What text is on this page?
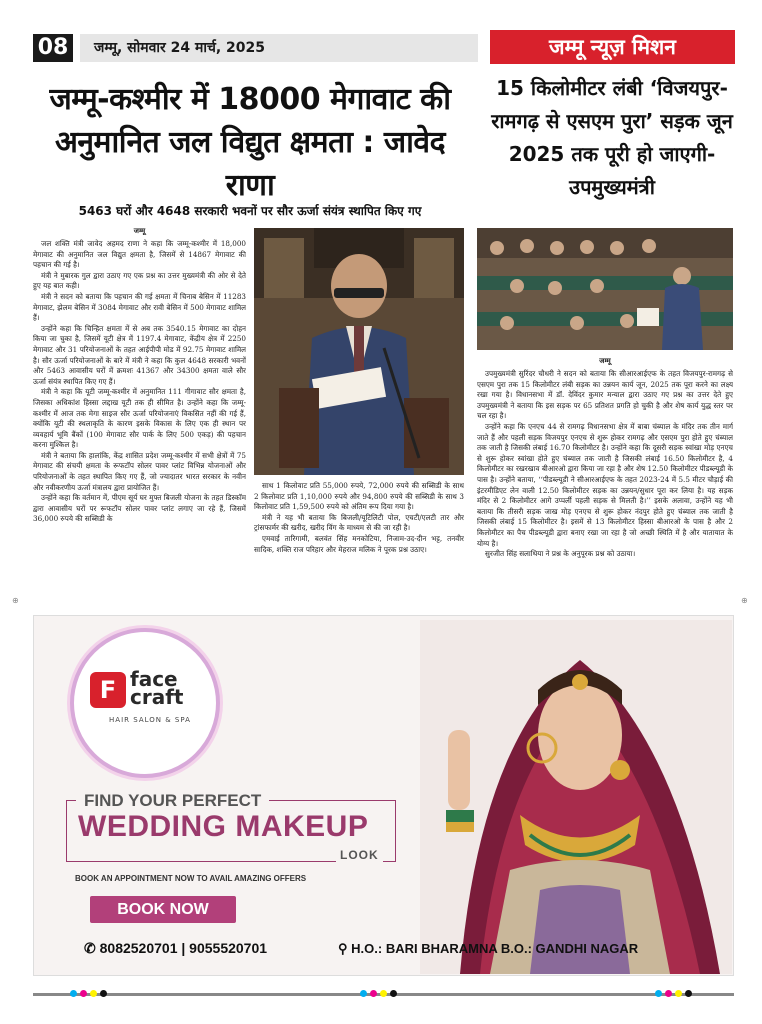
08	जम्मू, सोमवार 24 मार्च, 2025	जम्मू न्यूज़ मिशन
जम्मू-कश्मीर में 18000 मेगावाट की
अनुमानित जल विद्युत क्षमता : जावेद राणा
5463 घरों और 4648 सरकारी भवनों पर सौर ऊर्जा संयंत्र स्थापित किए गए
15 किलोमीटर लंबी ‘विजयपुर-रामगढ़ से एसएम पुरा’ सड़क जून 2025 तक पूरी हो जाएगी-उपमुख्यमंत्री
जम्मू

जल शक्ति मंत्री जावेद अहमद राणा ने कहा कि जम्मू-कश्मीर में 18,000 मेगावाट की अनुमानित जल विद्युत क्षमता है, जिसमें से 14867 मेगावाट की पहचान की गई है।

मंत्री ने मुबारक गुल द्वारा उठाए गए एक प्रश्न का उत्तर मुख्यमंत्री की ओर से देते हुए यह बात कही।

मंत्री ने सदन को बताया कि पहचान की गई क्षमता में चिनाब बेसिन में 11283 मेगावाट, झेलम बेसिन में 3084 मेगावाट और रावी बेसिन में 500 मेगावाट शामिल हैं।

उन्होंने कहा कि चिन्हित क्षमता में से अब तक 3540.15 मेगावाट का दोहन किया जा चुका है, जिसमें यूटी क्षेत्र में 1197.4 मेगावाट, केंद्रीय क्षेत्र में 2250 मेगावाट और 31 परियोजनाओं के तहत आईपीपी मोड में 92.75 मेगावाट शामिल है। सौर ऊर्जा परियोजनाओं के बारे में मंत्री ने कहा कि कुल 4648 सरकारी भवनों और 5463 आवासीय घरों में क्रमशः 41367 और 34300 क्षमता वाले सौर ऊर्जा संयंत्र स्थापित किए गए हैं।

मंत्री ने कहा कि यूटी जम्मू-कश्मीर में अनुमानित 111 गीगावाट सौर क्षमता है, जिसका अधिकांश हिस्सा लद्दाख यूटी तक ही सीमित है। उन्होंने कहा कि जम्मू-कश्मीर में आज तक मेगा साइज सौर ऊर्जा परियोजनाएं विकसित नहीं की गई हैं, क्योंकि यूटी की स्थलाकृति के कारण इसके विकास के लिए एक ही स्थान पर व्यवहार्य भूमि बैंकों (100 मेगावाट सौर पार्क के लिए 500 एकड़) की पहचान करना मुश्किल है।

मंत्री ने बताया कि हालांकि, केंद्र शासित प्रदेश जम्मू-कश्मीर में सभी क्षेत्रों में 75 मेगावाट की संचयी क्षमता के रूफटॉप सोलर पावर प्लांट विभिन्न योजनाओं और परियोजनाओं के तहत स्थापित किए गए हैं, जो ज्यादातर भारत सरकार के नवीन और नवीकरणीय ऊर्जा मंत्रालय द्वारा प्रायोजित हैं।

उन्होंने कहा कि वर्तमान में, पीएम सूर्य घर मुफ्त बिजली योजना के तहत डिस्कॉम द्वारा आवासीय घरों पर रूफटॉप सोलर पावर प्लांट लगाए जा रहे हैं, जिसमें 36,000 रुपये की सब्सिडी के

साथ 1 किलोवाट प्रति 55,000 रुपये, 72,000 रुपये की सब्सिडी के साथ 2 किलोवाट प्रति 1,10,000 रुपये और 94,800 रुपये की सब्सिडी के साथ 3 किलोवाट प्रति 1,59,500 रुपये को अंतिम रूप दिया गया है।

मंत्री ने यह भी बताया कि बिजली/यूटिलिटी पोल, एचटी/एलटी तार और ट्रांसफार्मर की खरीद, खरीद विंग के माध्यम से की जा रही है।

एमवाई तारिगामी, बलवंत सिंह मनकोटिया, निजाम-उद-दीन भट्ट, तनवीर सादिक, शक्ति राज परिहार और मेहराज मलिक ने पूरक प्रश्न उठाए।

जम्मू

उपमुख्यमंत्री सुरिंदर चौधरी ने सदन को बताया कि सीआरआईएफ के तहत विजयपुर-रामगढ़ से एसएम पुरा तक 15 किलोमीटर लंबी सड़क का उन्नयन कार्य जून, 2025 तक पूरा करने का लक्ष्य रखा गया है। विधानसभा में डॉ. देविंदर कुमार मन्याल द्वारा उठाए गए प्रश्न का उत्तर देते हुए उपमुख्यमंत्री ने बताया कि इस सड़क पर 65 प्रतिशत प्रगति हो चुकी है और शेष कार्य युद्ध स्तर पर चल रहा है।

उन्होंने कहा कि एनएच 44 से रामगढ़ विधानसभा क्षेत्र में बाबा चंब्याल के मंदिर तक तीन मार्ग जाते हैं और पहली सड़क विजयपुर एनएच से शुरू होकर रामगढ़ और एसएम पुरा होते हुए चंब्याल तक जाती है जिसकी लंबाई 16.70 किलोमीटर है। उन्होंने कहा कि दूसरी सड़क स्वांखा मोड़ एनएच से शुरू होकर स्वांखा होते हुए चंब्याल तक जाती है जिसकी लंबाई 16.50 किलोमीटर है, 4 किलोमीटर का रखरखाव बीआरओ द्वारा किया जा रहा है और शेष 12.50 किलोमीटर पीडब्ल्यूडी के पास है। उन्होंने बताया, ‘‘पीडब्ल्यूडी ने सीआरआईएफ के तहत 2023-24 में 5.5 मीटर चौड़ाई की इंटरमीडिएट लेन वाली 12.50 किलोमीटर सड़क का उन्नयन/सुधार पूरा कर लिया है। यह सड़क मंदिर से 2 किलोमीटर आगे उप्पर्ली पहली सड़क से मिलती है।’’ इसके अलावा, उन्होंने यह भी बताया कि तीसरी सड़क जाख मोड़ एनएच से शुरू होकर नंदपुर होते हुए चंब्याल तक जाती है जिसकी लंबाई 15 किलोमीटर है। इसमें से 13 किलोमीटर हिस्सा बीआरओ के पास है और 2 किलोमीटर का पैच पीडब्ल्यूडी द्वारा बनाए रखा जा रहा है जो अच्छी स्थिति में है और यातायात के योग्य है।

सुरजीत सिंह सलाथिया ने प्रश्न के अनुपूरक प्रश्न को उठाया।

⊕	⊕
F face
craft
HAIR SALON & SPA
FIND YOUR PERFECT
WEDDING MAKEUP
LOOK
BOOK AN APPOINTMENT NOW TO AVAIL AMAZING OFFERS
BOOK NOW
✆ 8082520701 | 9055520701	⚲ H.O.: BARI BHARAMNA B.O.: GANDHI NAGAR
